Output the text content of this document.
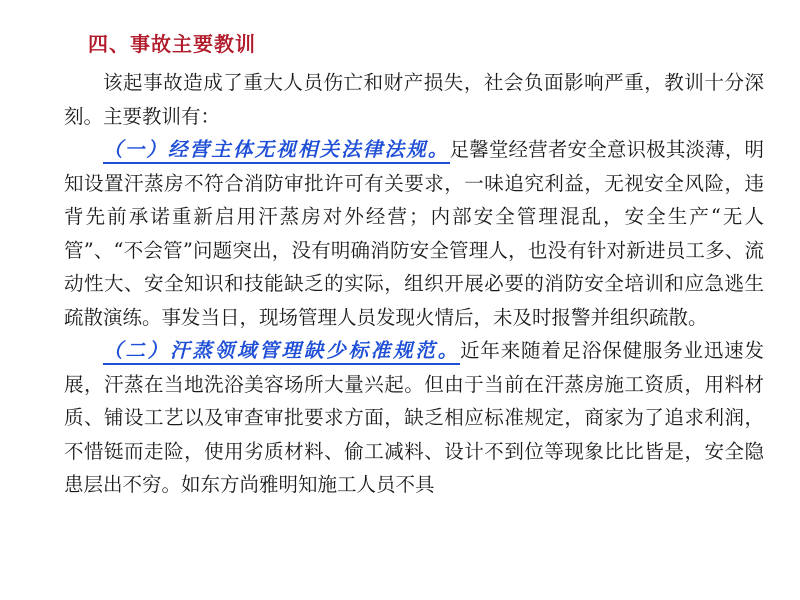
四、事故主要教训

该起事故造成了重大人员伤亡和财产损失，社会负面影响严重，教训十分深刻。主要教训有：

（一）经营主体无视相关法律法规。足馨堂经营者安全意识极其淡薄，明知设置汗蒸房不符合消防审批许可有关要求，一味追究利益，无视安全风险，违背先前承诺重新启用汗蒸房对外经营；内部安全管理混乱，安全生产“无人管”、“不会管”问题突出，没有明确消防安全管理人，也没有针对新进员工多、流动性大、安全知识和技能缺乏的实际，组织开展必要的消防安全培训和应急逃生疏散演练。事发当日，现场管理人员发现火情后，未及时报警并组织疏散。

（二）汗蒸领域管理缺少标准规范。近年来随着足浴保健服务业迅速发展，汗蒸在当地洗浴美容场所大量兴起。但由于当前在汗蒸房施工资质，用料材质、铺设工艺以及审查审批要求方面，缺乏相应标准规定，商家为了追求利润，不惜铤而走险，使用劣质材料、偷工减料、设计不到位等现象比比皆是，安全隐患层出不穷。如东方尚雅明知施工人员不具
